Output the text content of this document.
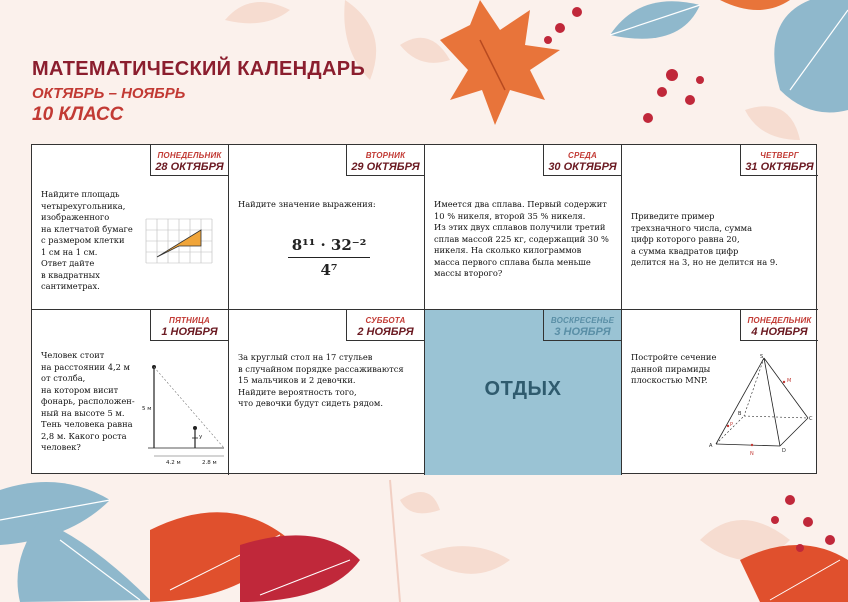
МАТЕМАТИЧЕСКИЙ КАЛЕНДАРЬ
ОКТЯБРЬ – НОЯБРЬ
10 КЛАСС
ПОНЕДЕЛЬНИК
28 ОКТЯБРЯ
Найдите площадь
четырехугольника,
изображенного
на клетчатой бумаге
с размером клетки
1 см на 1 см.
Ответ дайте
в квадратных
сантиметрах.
ВТОРНИК
29 ОКТЯБРЯ
Найдите значение выражения:
$\frac{\text{8¹¹ · 32⁻²}}{\text{4⁷}}$
СРЕДА
30 ОКТЯБРЯ
Имеется два сплава. Первый содержит
10 % никеля, второй 35 % никеля.
Из этих двух сплавов получили третий
сплав массой 225 кг, содержащий 30 %
никеля. На сколько килограммов
масса первого сплава была меньше
массы второго?
ЧЕТВЕРГ
31 ОКТЯБРЯ
Приведите пример
трехзначного числа, сумма
цифр которого равна 20,
а сумма квадратов цифр
делится на 3, но не делится на 9.
ПЯТНИЦА
1 НОЯБРЯ
Человек стоит
на расстоянии 4,2 м
от столба,
на котором висит
фонарь, расположен-
ный на высоте 5 м.
Тень человека равна
2,8 м. Какого роста
человек?
5 м
4,2 м	2,8 м
у
СУББОТА
2 НОЯБРЯ
За круглый стол на 17 стульев
в случайном порядке рассаживаются
15 мальчиков и 2 девочки.
Найдите вероятность того,
что девочки будут сидеть рядом.
ВОСКРЕСЕНЬЕ
3 НОЯБРЯ
ОТДЫХ
ПОНЕДЕЛЬНИК
4 НОЯБРЯ
Постройте сечение
данной пирамиды
плоскостью MNP.
S
M
P
N
A
B
C
D
